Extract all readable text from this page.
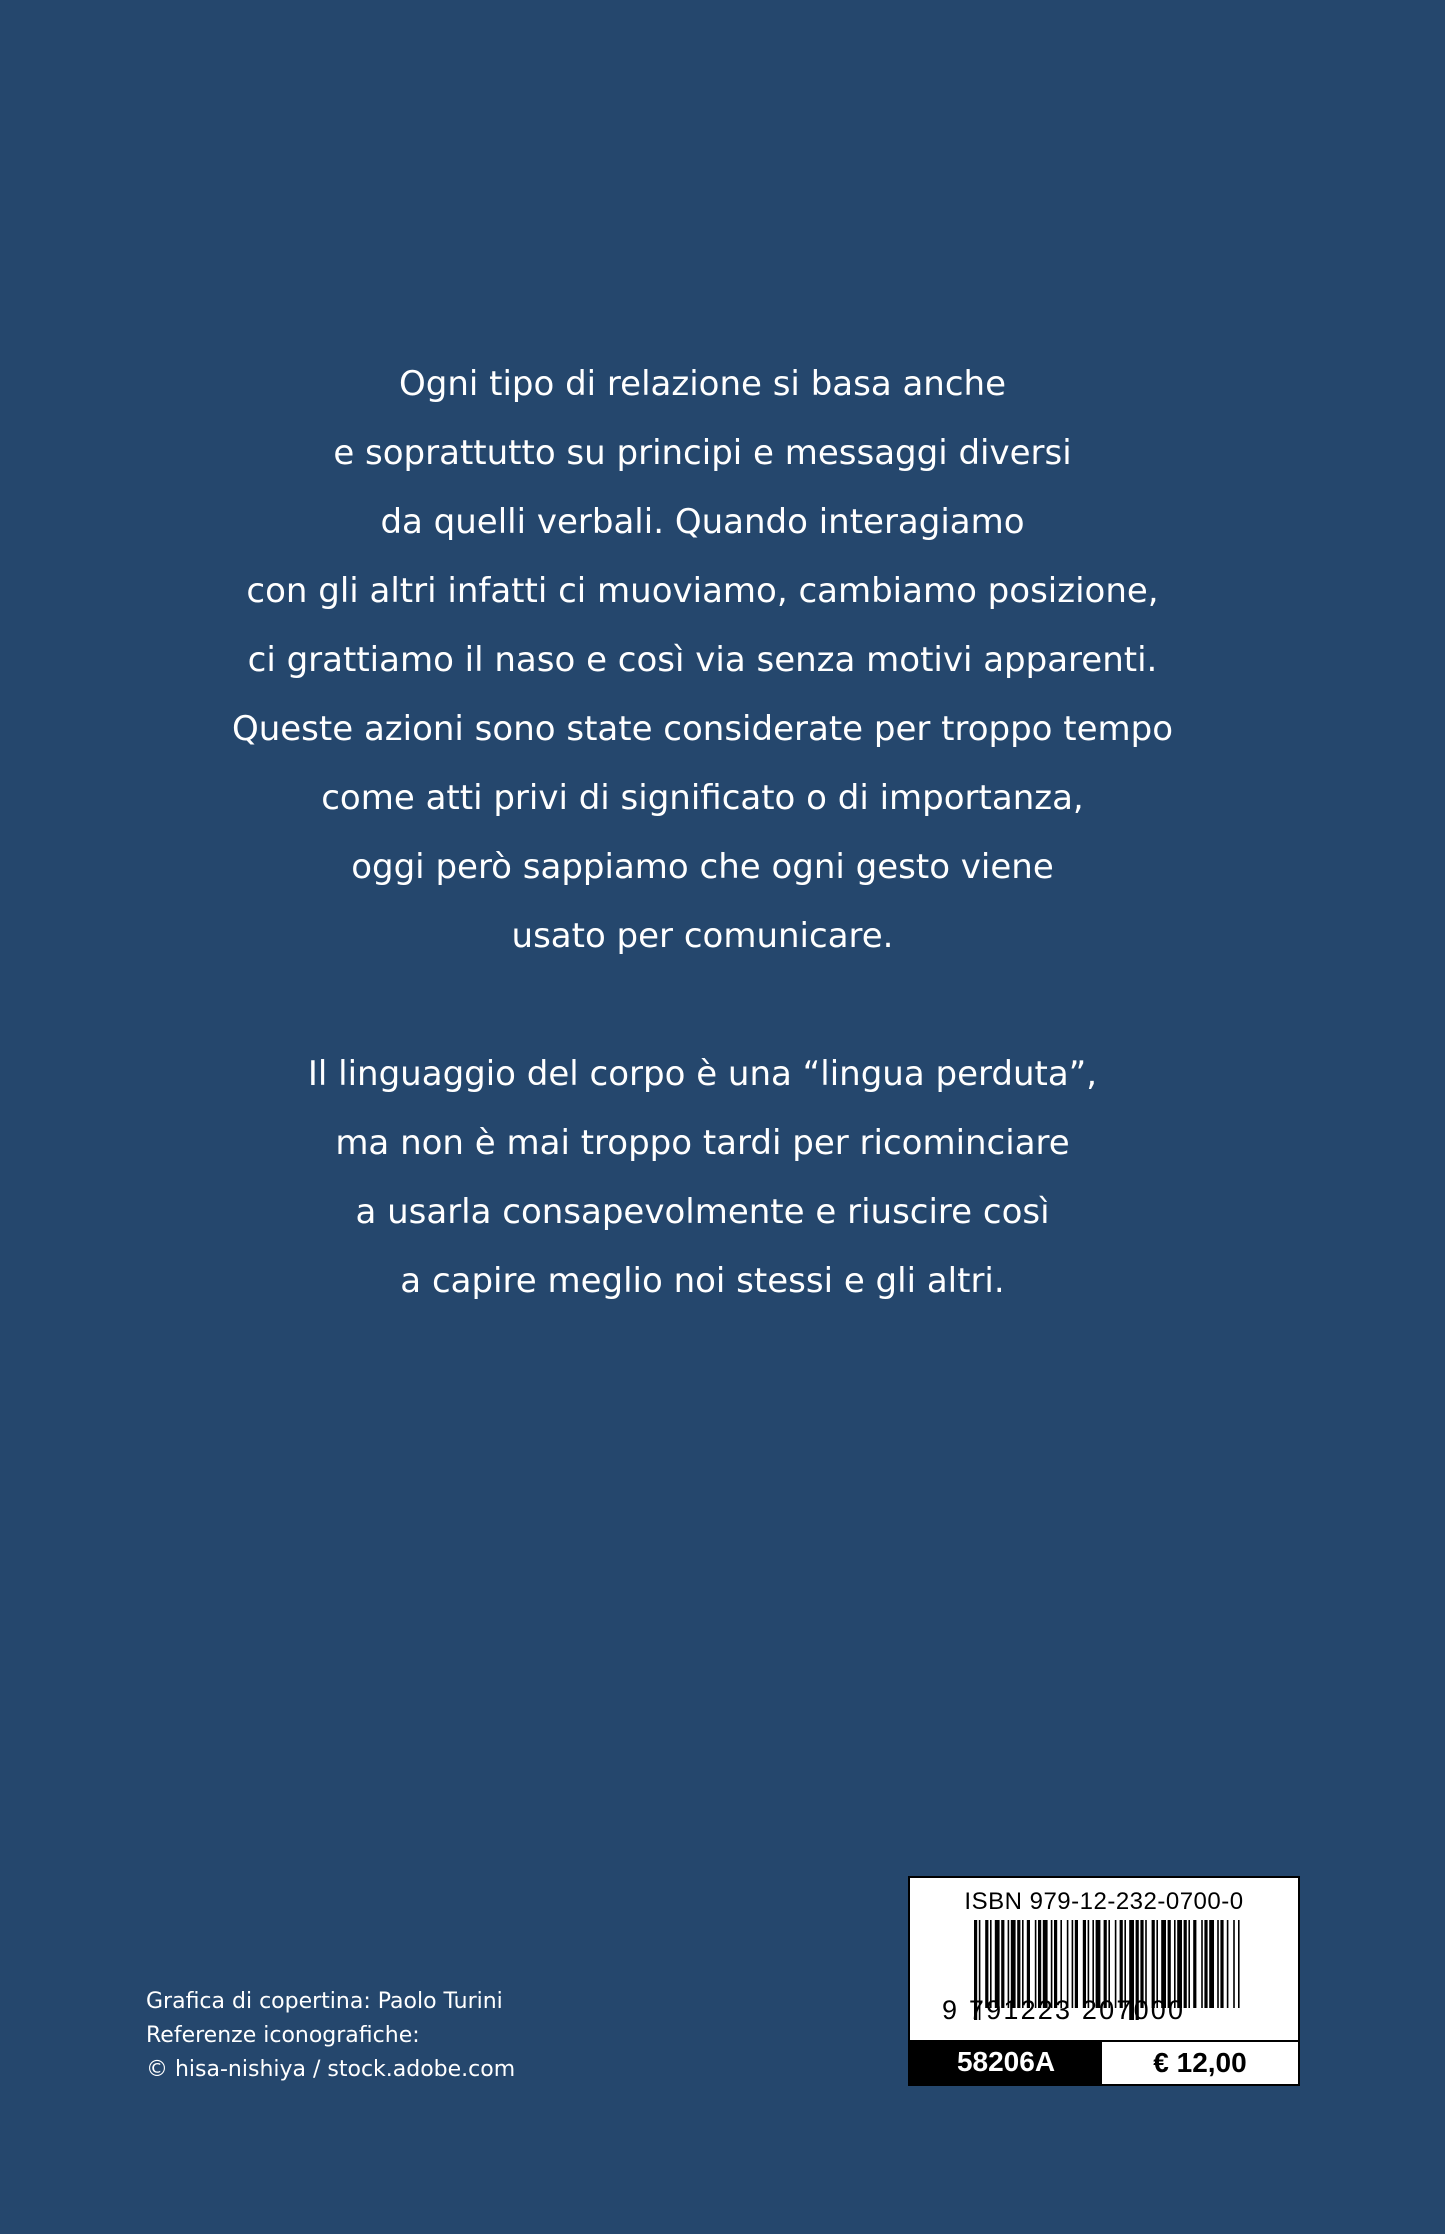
Ogni tipo di relazione si basa anche
e soprattutto su principi e messaggi diversi
da quelli verbali. Quando interagiamo
con gli altri infatti ci muoviamo, cambiamo posizione,
ci grattiamo il naso e così via senza motivi apparenti.
Queste azioni sono state considerate per troppo tempo
come atti privi di significato o di importanza,
oggi però sappiamo che ogni gesto viene
usato per comunicare.
Il linguaggio del corpo è una “lingua perduta”,
ma non è mai troppo tardi per ricominciare
a usarla consapevolmente e riuscire così
a capire meglio noi stessi e gli altri.
Grafica di copertina: Paolo Turini
Referenze iconografiche:
© hisa-nishiya / stock.adobe.com
ISBN 979-12-232-0700-0
9 791223 207000
58206A	€ 12,00
